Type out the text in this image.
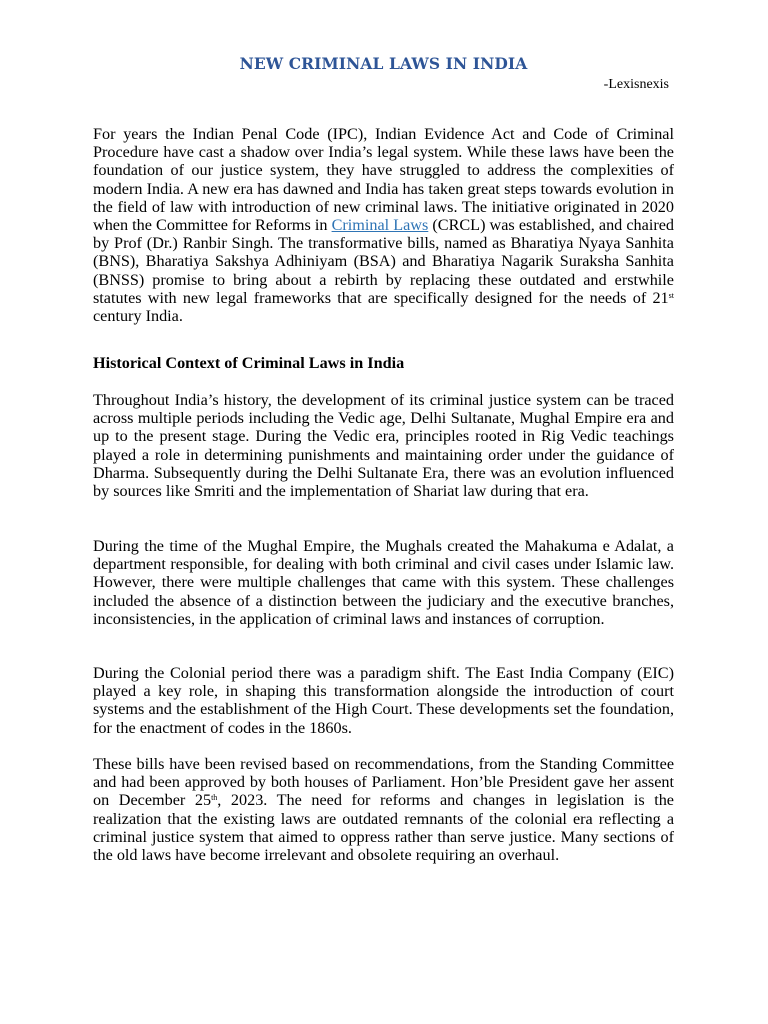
NEW CRIMINAL LAWS IN INDIA

-Lexisnexis

For years the Indian Penal Code (IPC), Indian Evidence Act and Code of Criminal Procedure have cast a shadow over India’s legal system. While these laws have been the foundation of our justice system, they have struggled to address the complexities of modern India. A new era has dawned and India has taken great steps towards evolution in the field of law with introduction of new criminal laws. The initiative originated in 2020 when the Committee for Reforms in Criminal Laws (CRCL) was established, and chaired by Prof (Dr.) Ranbir Singh. The transformative bills, named as Bharatiya Nyaya Sanhita (BNS), Bharatiya Sakshya Adhiniyam (BSA) and Bharatiya Nagarik Suraksha Sanhita (BNSS) promise to bring about a rebirth by replacing these outdated and erstwhile statutes with new legal frameworks that are specifically designed for the needs of 21st century India.

Historical Context of Criminal Laws in India

Throughout India’s history, the development of its criminal justice system can be traced across multiple periods including the Vedic age, Delhi Sultanate, Mughal Empire era and up to the present stage. During the Vedic era, principles rooted in Rig Vedic teachings played a role in determining punishments and maintaining order under the guidance of Dharma. Subsequently during the Delhi Sultanate Era, there was an evolution influenced by sources like Smriti and the implementation of Shariat law during that era.

During the time of the Mughal Empire, the Mughals created the Mahakuma e Adalat, a department responsible, for dealing with both criminal and civil cases under Islamic law. However, there were multiple challenges that came with this system. These challenges included the absence of a distinction between the judiciary and the executive branches, inconsistencies, in the application of criminal laws and instances of corruption.

During the Colonial period there was a paradigm shift. The East India Company (EIC) played a key role, in shaping this transformation alongside the introduction of court systems and the establishment of the High Court. These developments set the foundation, for the enactment of codes in the 1860s.

These bills have been revised based on recommendations, from the Standing Committee and had been approved by both houses of Parliament. Hon’ble President gave her assent on December 25th, 2023. The need for reforms and changes in legislation is the realization that the existing laws are outdated remnants of the colonial era reflecting a criminal justice system that aimed to oppress rather than serve justice. Many sections of the old laws have become irrelevant and obsolete requiring an overhaul.
